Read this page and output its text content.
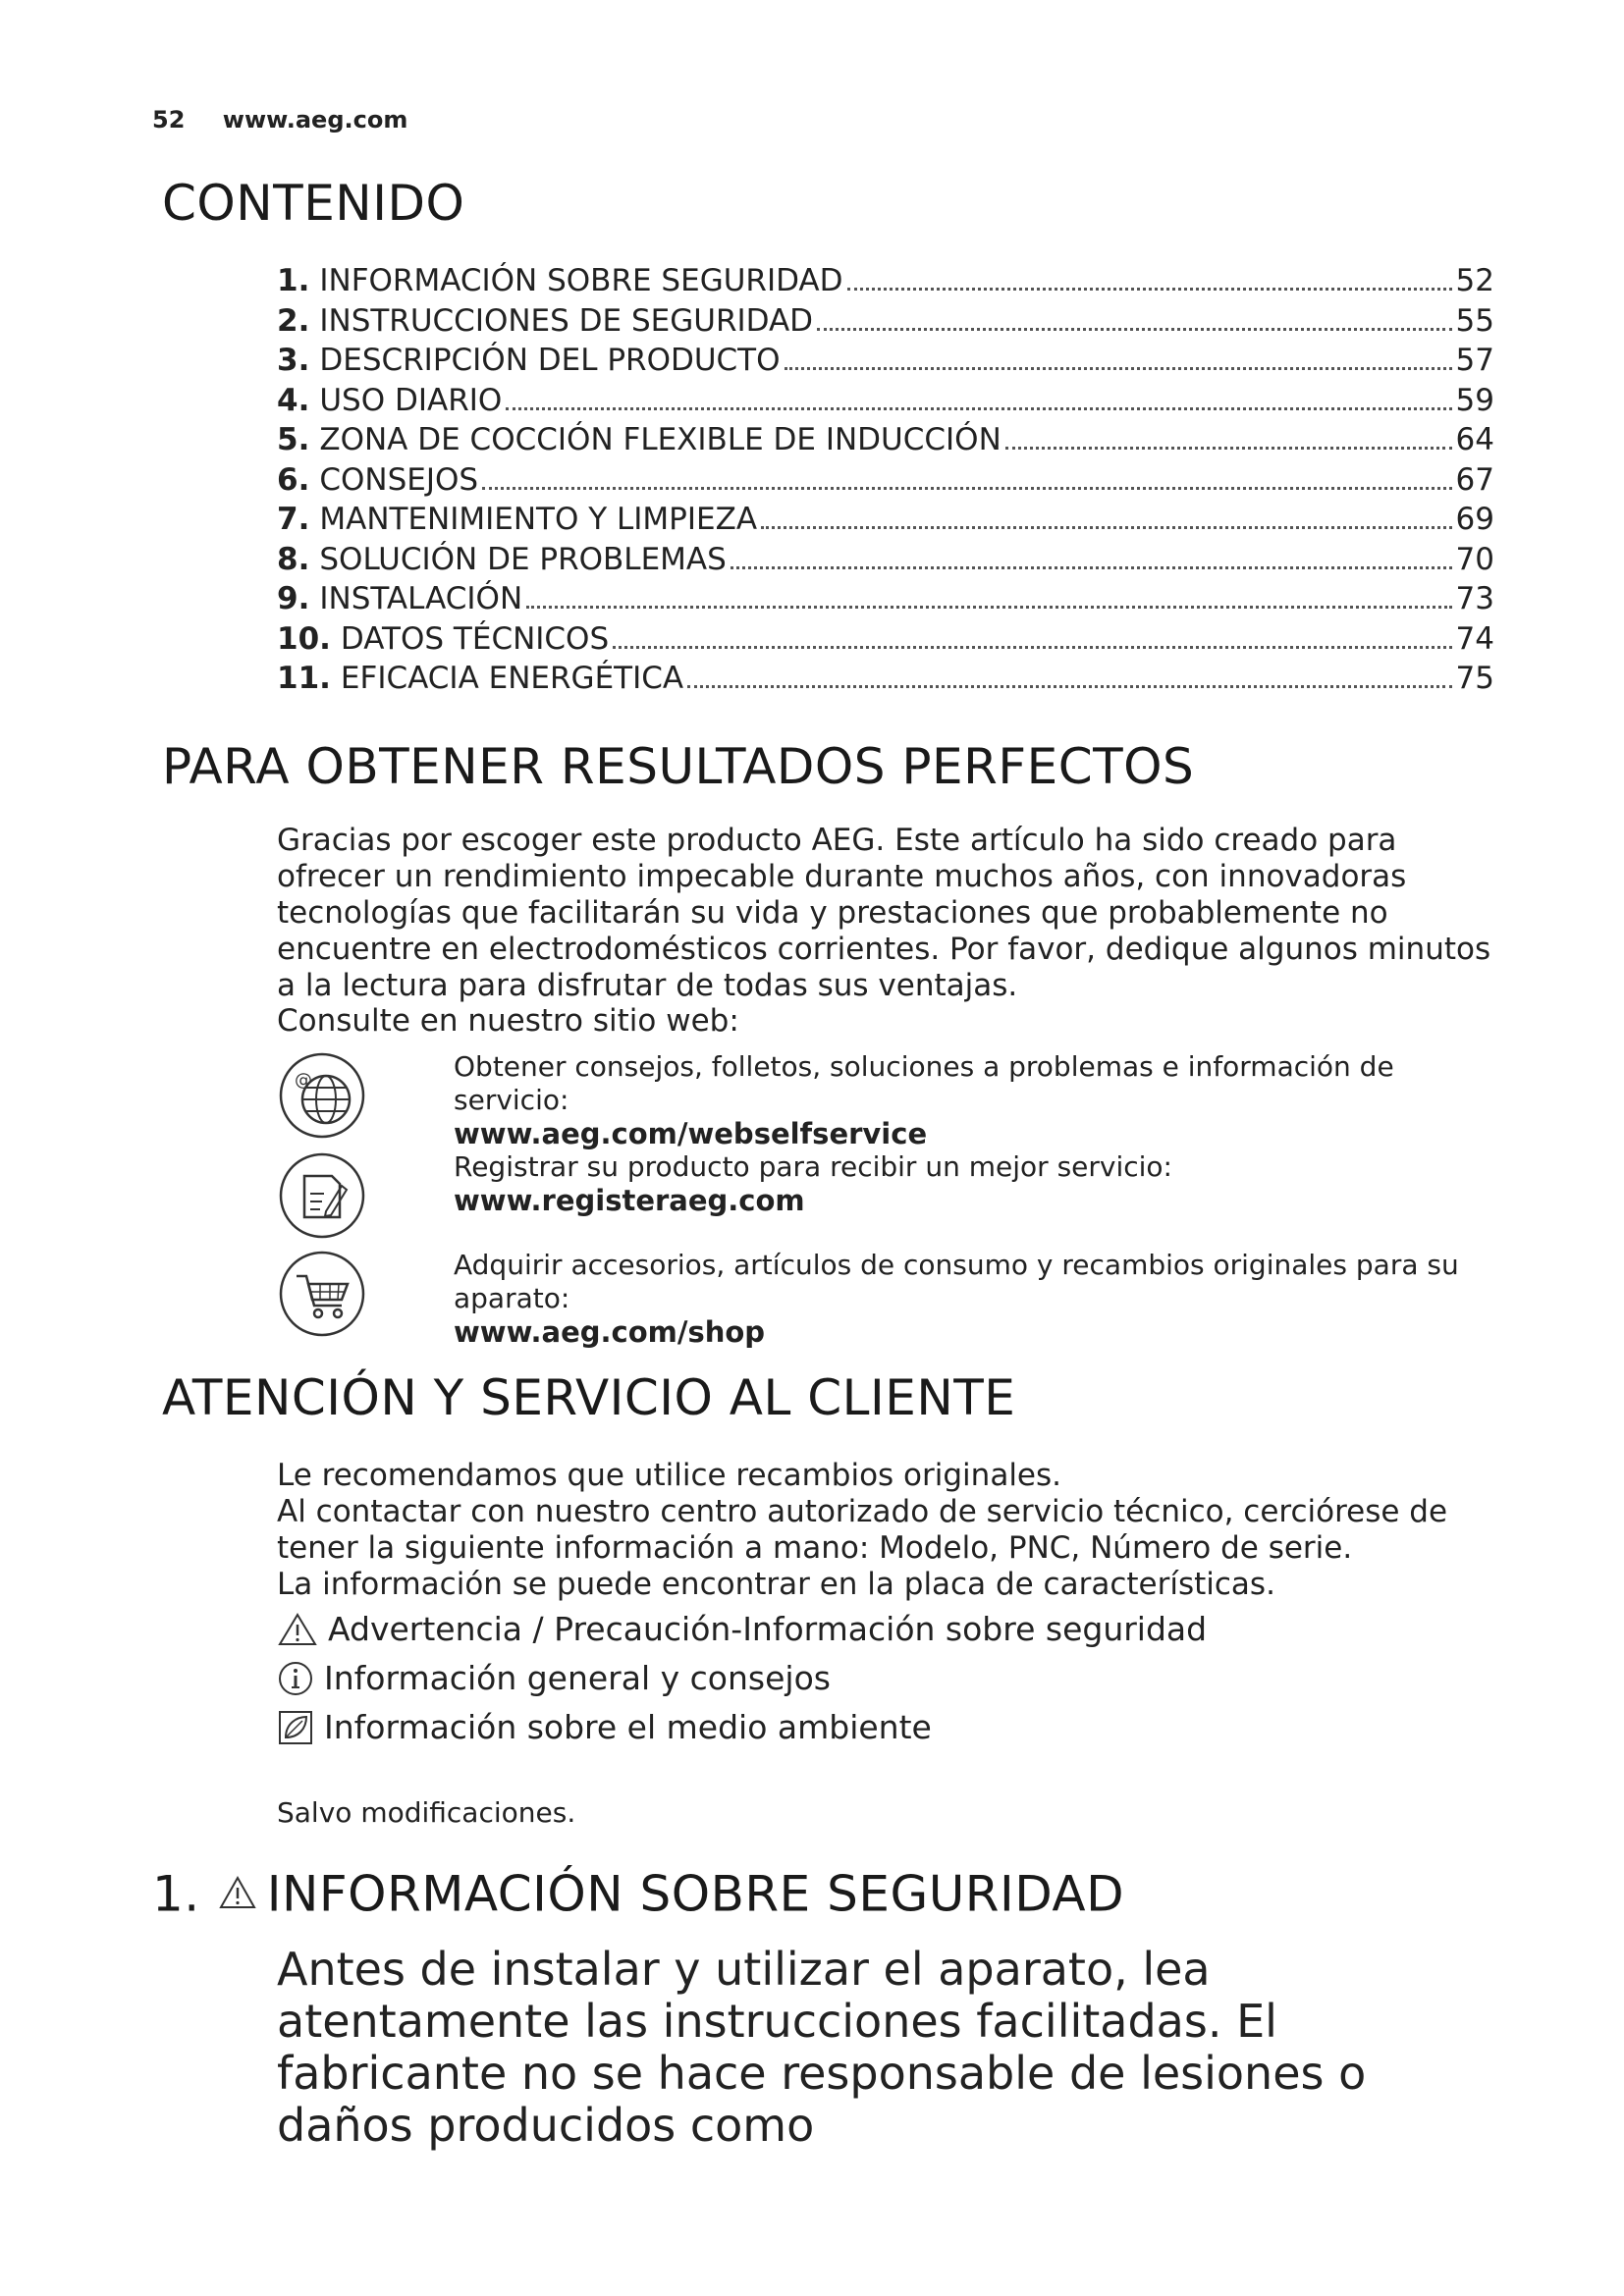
52 www.aeg.com
CONTENIDO
1. INFORMACIÓN SOBRE SEGURIDAD	52
2. INSTRUCCIONES DE SEGURIDAD	55
3. DESCRIPCIÓN DEL PRODUCTO	57
4. USO DIARIO	59
5. ZONA DE COCCIÓN FLEXIBLE DE INDUCCIÓN	64
6. CONSEJOS	67
7. MANTENIMIENTO Y LIMPIEZA	69
8. SOLUCIÓN DE PROBLEMAS	70
9. INSTALACIÓN	73
10. DATOS TÉCNICOS	74
11. EFICACIA ENERGÉTICA	75
PARA OBTENER RESULTADOS PERFECTOS

Gracias por escoger este producto AEG. Este artículo ha sido creado para ofrecer un rendimiento impecable durante muchos años, con innovadoras tecnologías que facilitarán su vida y prestaciones que probablemente no encuentre en electrodomésticos corrientes. Por favor, dedique algunos minutos a la lectura para disfrutar de todas sus ventajas.

Consulte en nuestro sitio web:

@	Obtener consejos, folletos, soluciones a problemas e información de servicio:
www.aeg.com/webselfservice
Registrar su producto para recibir un mejor servicio:
www.registeraeg.com
Adquirir accesorios, artículos de consumo y recambios originales para su aparato:
www.aeg.com/shop
ATENCIÓN Y SERVICIO AL CLIENTE
Le recomendamos que utilice recambios originales.
Al contactar con nuestro centro autorizado de servicio técnico, cerciórese de tener la siguiente información a mano: Modelo, PNC, Número de serie.
La información se puede encontrar en la placa de características.
Advertencia / Precaución-Información sobre seguridad
Información general y consejos
Información sobre el medio ambiente

Salvo modificaciones.

1. INFORMACIÓN SOBRE SEGURIDAD

Antes de instalar y utilizar el aparato, lea atentamente las instrucciones facilitadas. El fabricante no se hace responsable de lesiones o daños producidos como
